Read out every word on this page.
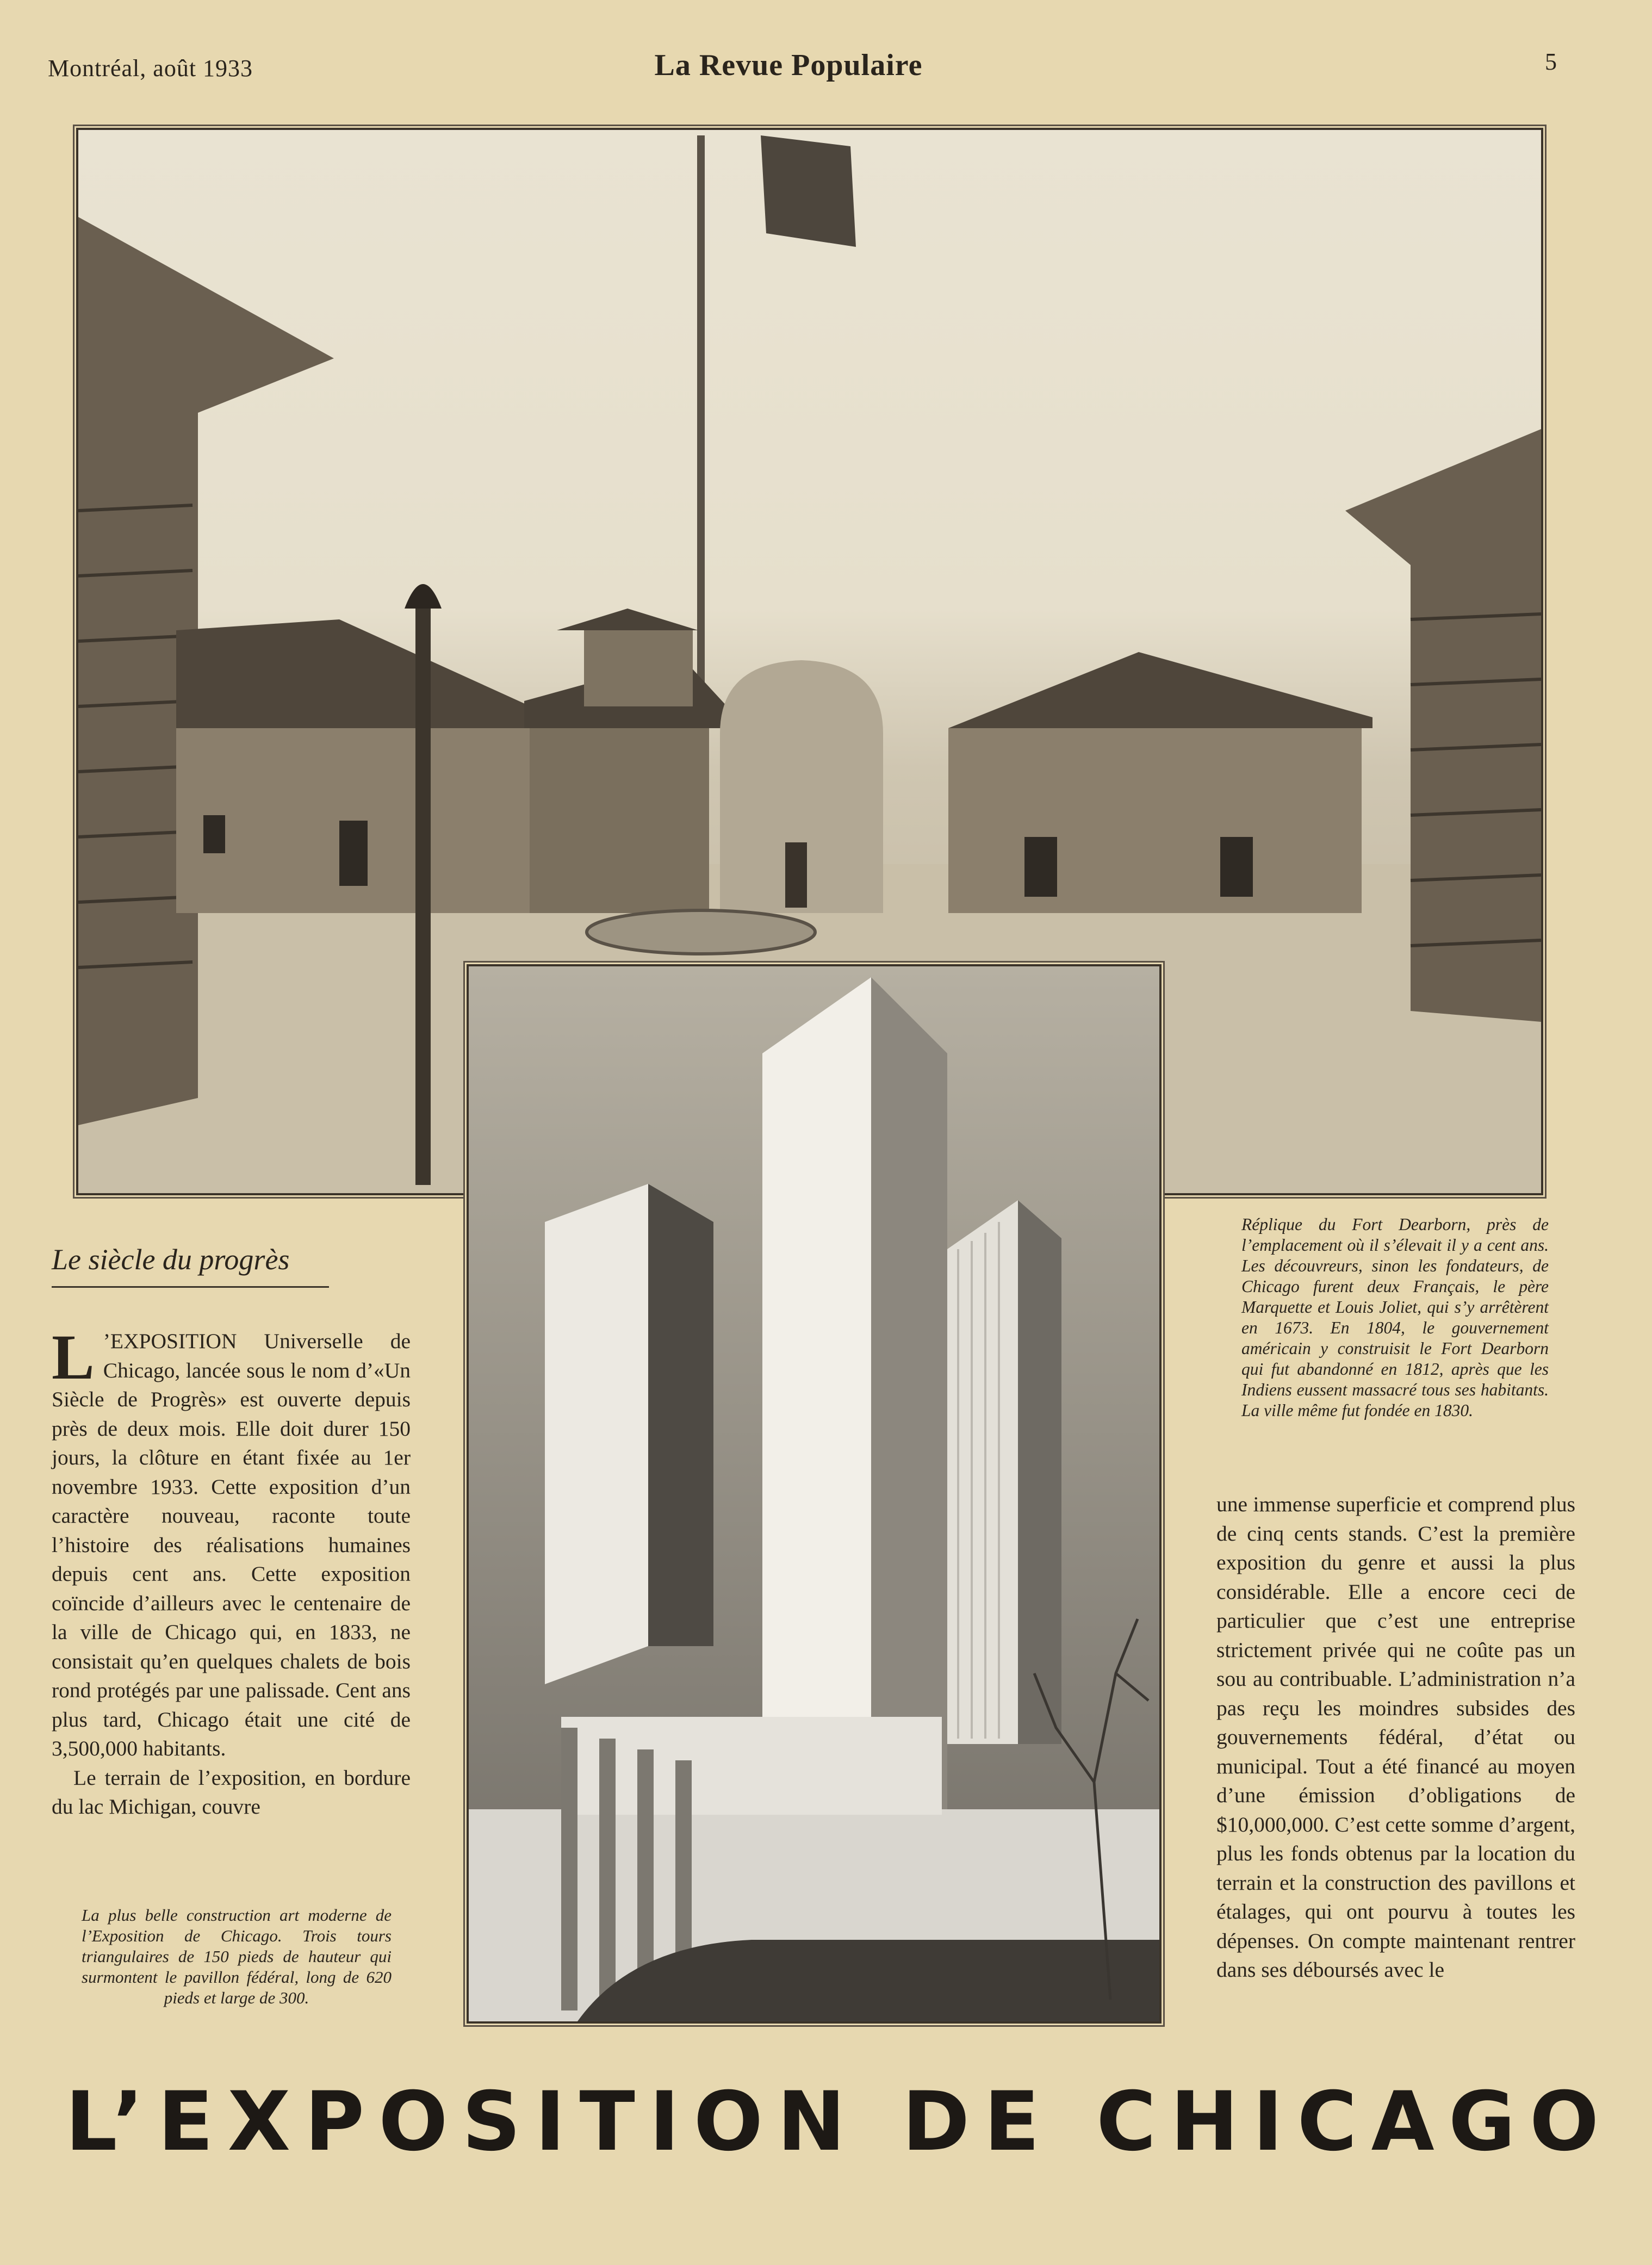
Montréal, août 1933	La Revue Populaire	5
Le siècle du progrès

L ’EXPOSITION Universelle de Chicago, lancée sous le nom d’«Un Siècle de Progrès» est ouverte depuis près de deux mois. Elle doit durer 150 jours, la clôture en étant fixée au 1er novembre 1933. Cette exposition d’un caractère nouveau, raconte toute l’histoire des réalisations humaines depuis cent ans. Cette exposition coïncide d’ailleurs avec le centenaire de la ville de Chicago qui, en 1833, ne consistait qu’en quelques chalets de bois rond protégés par une palissade. Cent ans plus tard, Chicago était une cité de 3,500,000 habitants.

Le terrain de l’exposition, en bordure du lac Michigan, couvre

La plus belle construction art moderne de l’Exposition de Chicago. Trois tours triangulaires de 150 pieds de hauteur qui surmontent le pavillon fédéral, long de 620 pieds et large de 300.
Réplique du Fort Dearborn, près de l’emplacement où il s’élevait il y a cent ans. Les découvreurs, sinon les fondateurs, de Chicago furent deux Français, le père Marquette et Louis Joliet, qui s’y arrêtèrent en 1673. En 1804, le gouvernement américain y construisit le Fort Dearborn qui fut abandonné en 1812, après que les Indiens eussent massacré tous ses habitants. La ville même fut fondée en 1830.
une immense superficie et comprend plus de cinq cents stands. C’est la première exposition du genre et aussi la plus considérable. Elle a encore ceci de particulier que c’est une entreprise strictement privée qui ne coûte pas un sou au contribuable. L’administration n’a pas reçu les moindres subsides des gouvernements fédéral, d’état ou municipal. Tout a été financé au moyen d’une émission d’obligations de $10,000,000. C’est cette somme d’argent, plus les fonds obtenus par la location du terrain et la construction des pavillons et étalages, qui ont pourvu à toutes les dépenses. On compte maintenant rentrer dans ses déboursés avec le
L’EXPOSITION DE CHICAGO
